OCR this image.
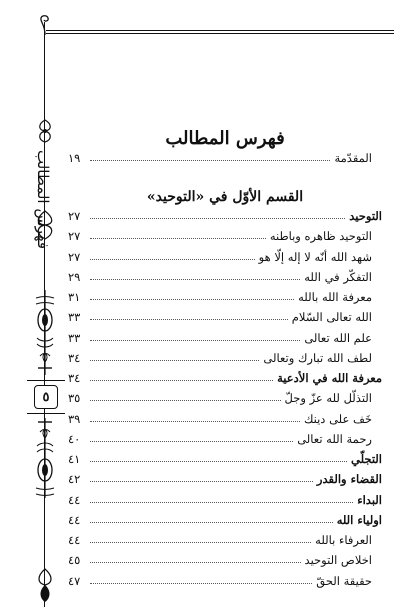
فهرس المطالب
٥
فهرس المطالب
١٩	المقدّمة
القسم الأوّل في «التوحيد»
٢٧	التوحيد
٢٧	التوحيد ظاهره وباطنه
٢٧	شهد الله أنّه لا إله إلّا هو
٢٩	التفكّر في الله
٣١	معرفة الله بالله
٣٣	الله تعالى السّلام
٣٣	علم الله تعالى
٣٤	لطف الله تبارك وتعالى
٣٤	معرفة الله في الأدعية
٣٥	التذلّل لله عزّ وجلّ
٣٩	خَف على دينك
٤٠	رحمة الله تعالى
٤١	التجلّي
٤٢	القضاء والقدر
٤٤	البداء
٤٤	اولياء الله
٤٤	العرفاء بالله
٤٥	اخلاص التوحيد
٤٧	حقيقة الحقّ
